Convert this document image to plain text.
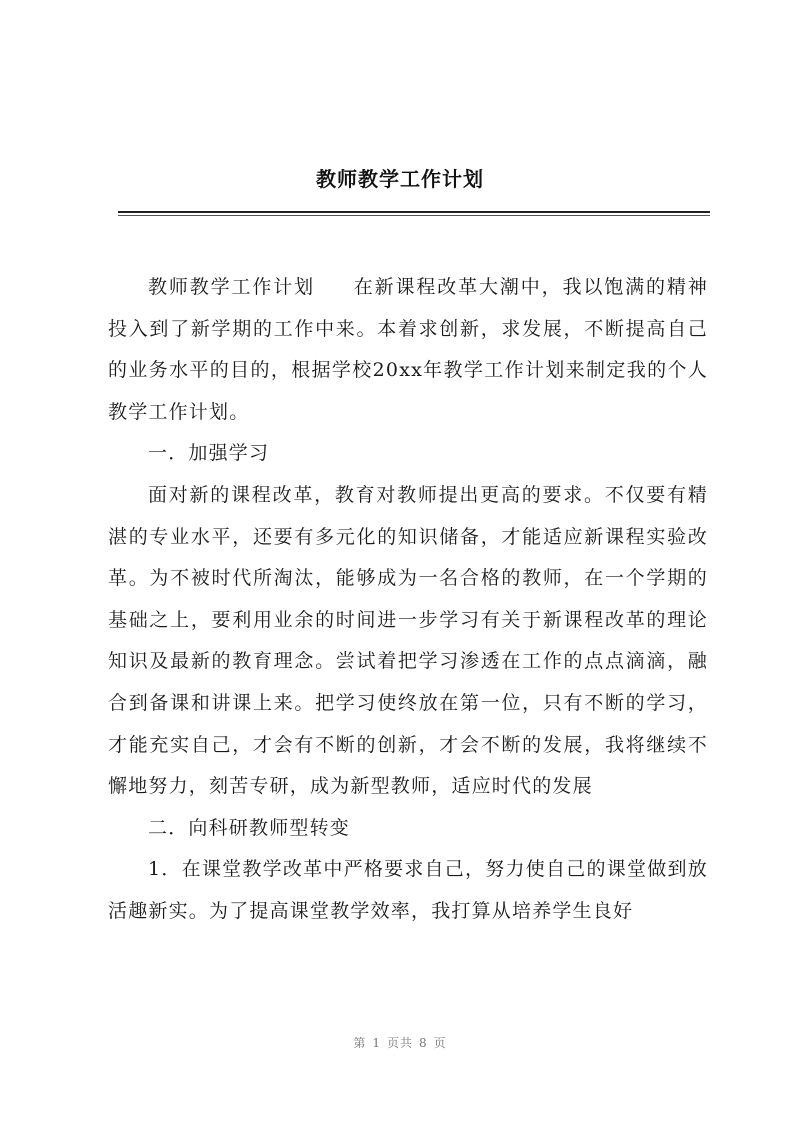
教师教学工作计划

教师教学工作计划 在新课程改革大潮中，我以饱满的精神投入到了新学期的工作中来。本着求创新，求发展，不断提高自己的业务水平的目的，根据学校20xx年教学工作计划来制定我的个人教学工作计划。

一．加强学习

面对新的课程改革，教育对教师提出更高的要求。不仅要有精湛的专业水平，还要有多元化的知识储备，才能适应新课程实验改革。为不被时代所淘汰，能够成为一名合格的教师，在一个学期的基础之上，要利用业余的时间进一步学习有关于新课程改革的理论知识及最新的教育理念。尝试着把学习渗透在工作的点点滴滴，融合到备课和讲课上来。把学习使终放在第一位，只有不断的学习，才能充实自己，才会有不断的创新，才会不断的发展，我将继续不懈地努力，刻苦专研，成为新型教师，适应时代的发展

二．向科研教师型转变

1．在课堂教学改革中严格要求自己，努力使自己的课堂做到放活趣新实。为了提高课堂教学效率，我打算从培养学生良好

第 1 页共 8 页
